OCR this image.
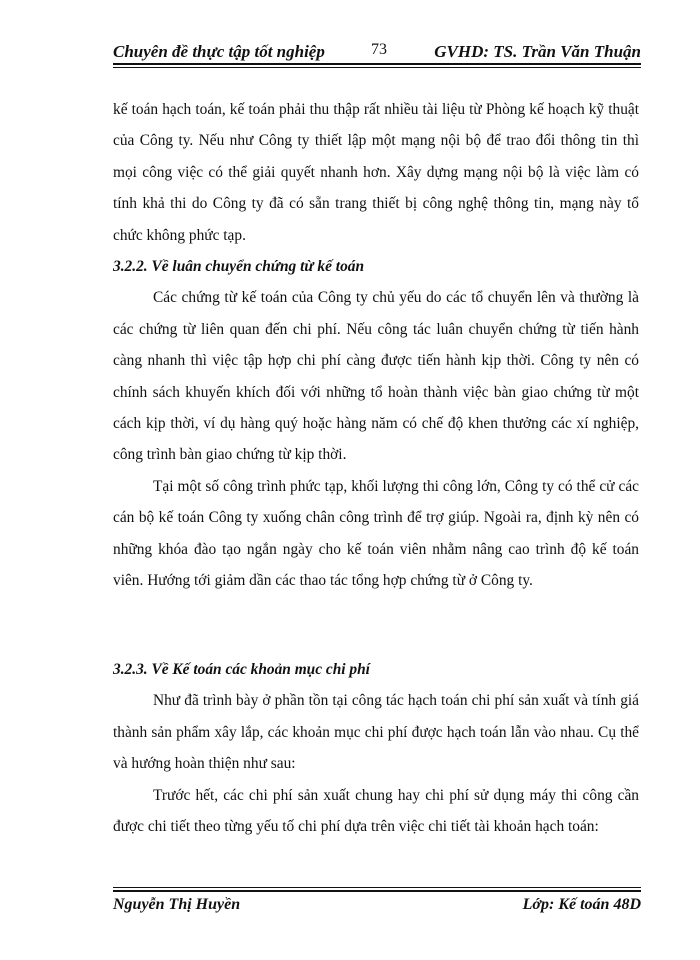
Chuyên đề thực tập tốt nghiệp	73	GVHD: TS. Trần Văn Thuận

kế toán hạch toán, kế toán phải thu thập rất nhiều tài liệu từ Phòng kế hoạch kỹ thuật của Công ty. Nếu như Công ty thiết lập một mạng nội bộ để trao đổi thông tin thì mọi công việc có thể giải quyết nhanh hơn. Xây dựng mạng nội bộ là việc làm có tính khả thi do Công ty đã có sẵn trang thiết bị công nghệ thông tin, mạng này tổ chức không phức tạp.

3.2.2. Về luân chuyển chứng từ kế toán

Các chứng từ kế toán của Công ty chủ yếu do các tổ chuyển lên và thường là các chứng từ liên quan đến chi phí. Nếu công tác luân chuyển chứng từ tiến hành càng nhanh thì việc tập hợp chi phí càng được tiến hành kịp thời. Công ty nên có chính sách khuyến khích đối với những tổ hoàn thành việc bàn giao chứng từ một cách kịp thời, ví dụ hàng quý hoặc hàng năm có chế độ khen thưởng các xí nghiệp, công trình bàn giao chứng từ kịp thời.

Tại một số công trình phức tạp, khối lượng thi công lớn, Công ty có thể cử các cán bộ kế toán Công ty xuống chân công trình để trợ giúp. Ngoài ra, định kỳ nên có những khóa đào tạo ngắn ngày cho kế toán viên nhằm nâng cao trình độ kế toán viên. Hướng tới giảm dần các thao tác tổng hợp chứng từ ở Công ty.

3.2.3. Về Kế toán các khoản mục chi phí

Như đã trình bày ở phần tồn tại công tác hạch toán chi phí sản xuất và tính giá thành sản phẩm xây lắp, các khoản mục chi phí được hạch toán lẫn vào nhau. Cụ thể và hướng hoàn thiện như sau:

Trước hết, các chi phí sản xuất chung hay chi phí sử dụng máy thi công cần được chi tiết theo từng yếu tố chi phí dựa trên việc chi tiết tài khoản hạch toán:

Nguyễn Thị Huyền	Lớp: Kế toán 48D
